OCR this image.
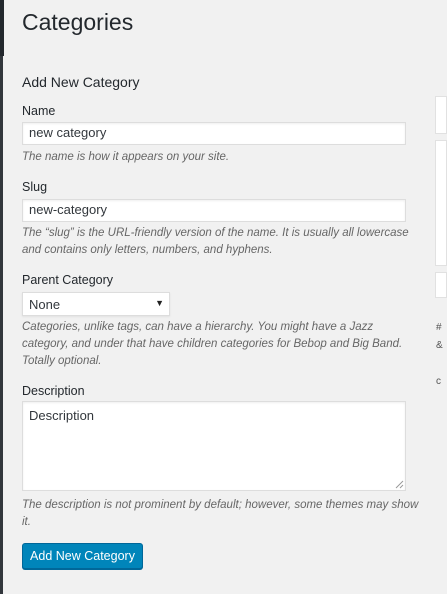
Categories
Add New Category
Name
new category

The name is how it appears on your site.

Slug
new-category

The “slug” is the URL-friendly version of the name. It is usually all lowercase and contains only letters, numbers, and hyphens.

Parent Category
None	▼

Categories, unlike tags, can have a hierarchy. You might have a Jazz category, and under that have children categories for Bebop and Big Band. Totally optional.

Description
Description

The description is not prominent by default; however, some themes may show it.

Add New Category
#
&
c
